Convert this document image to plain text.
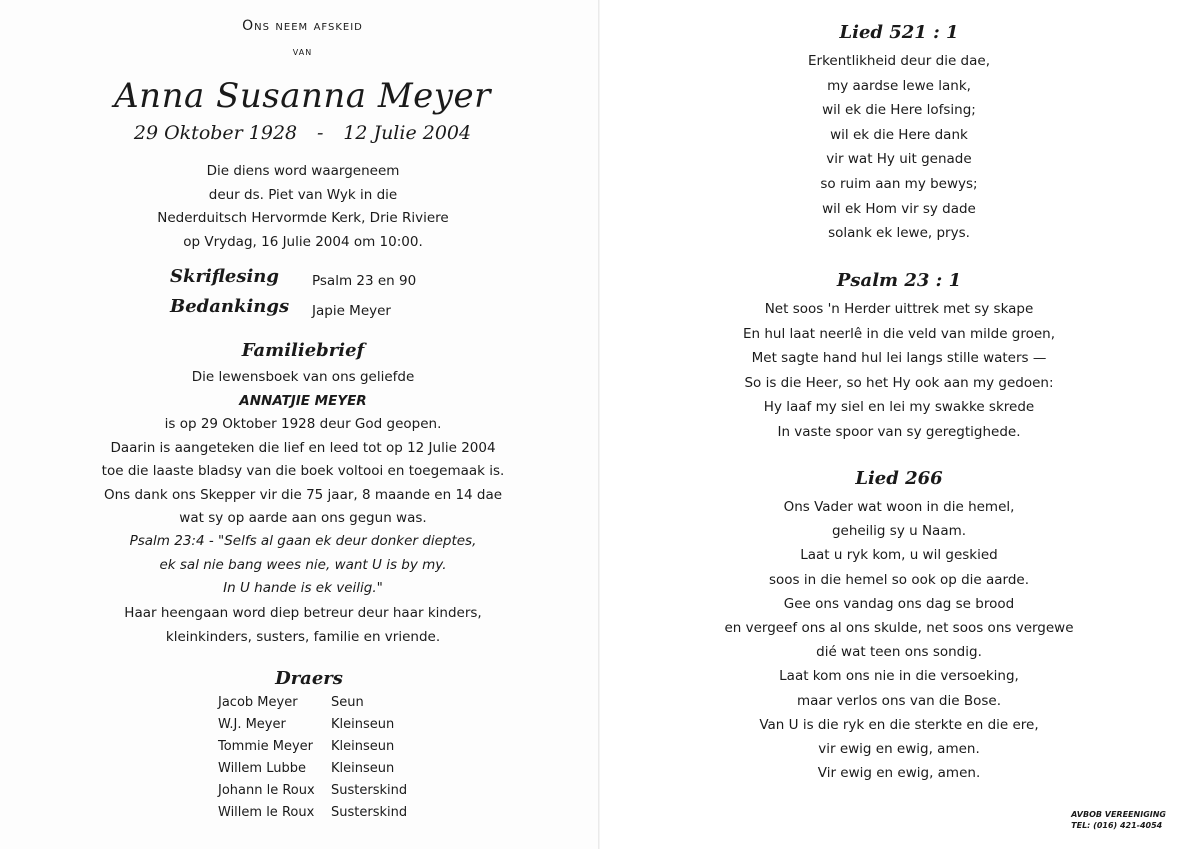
Ons neem afskeid
van
Anna Susanna Meyer
29 Oktober 1928 - 12 Julie 2004
Die diens word waargeneem
deur ds. Piet van Wyk in die
Nederduitsch Hervormde Kerk, Drie Riviere
op Vrydag, 16 Julie 2004 om 10:00.
Skriflesing Psalm 23 en 90
Bedankings Japie Meyer
Familiebrief
Die lewensboek van ons geliefde
ANNATJIE MEYER
is op 29 Oktober 1928 deur God geopen.
Daarin is aangeteken die lief en leed tot op 12 Julie 2004
toe die laaste bladsy van die boek voltooi en toegemaak is.
Ons dank ons Skepper vir die 75 jaar, 8 maande en 14 dae
wat sy op aarde aan ons gegun was.
Psalm 23:4 - "Selfs al gaan ek deur donker dieptes,
ek sal nie bang wees nie, want U is by my.
In U hande is ek veilig."
Haar heengaan word diep betreur deur haar kinders,
kleinkinders, susters, familie en vriende.
Draers
Jacob Meyer	Seun
W.J. Meyer	Kleinseun
Tommie Meyer Kleinseun
Willem Lubbe Kleinseun
Johann le Roux Susterskind
Willem le Roux Susterskind
Lied 521 : 1
Erkentlikheid deur die dae,
my aardse lewe lank,
wil ek die Here lofsing;
wil ek die Here dank
vir wat Hy uit genade
so ruim aan my bewys;
wil ek Hom vir sy dade
solank ek lewe, prys.
Psalm 23 : 1
Net soos 'n Herder uittrek met sy skape
En hul laat neerlê in die veld van milde groen,
Met sagte hand hul lei langs stille waters —
So is die Heer, so het Hy ook aan my gedoen:
Hy laaf my siel en lei my swakke skrede
In vaste spoor van sy geregtighede.
Lied 266
Ons Vader wat woon in die hemel,
geheilig sy u Naam.
Laat u ryk kom, u wil geskied
soos in die hemel so ook op die aarde.
Gee ons vandag ons dag se brood
en vergeef ons al ons skulde, net soos ons vergewe
dié wat teen ons sondig.
Laat kom ons nie in die versoeking,
maar verlos ons van die Bose.
Van U is die ryk en die sterkte en die ere,
vir ewig en ewig, amen.
Vir ewig en ewig, amen.
AVBOB VEREENIGING
TEL: (016) 421-4054
